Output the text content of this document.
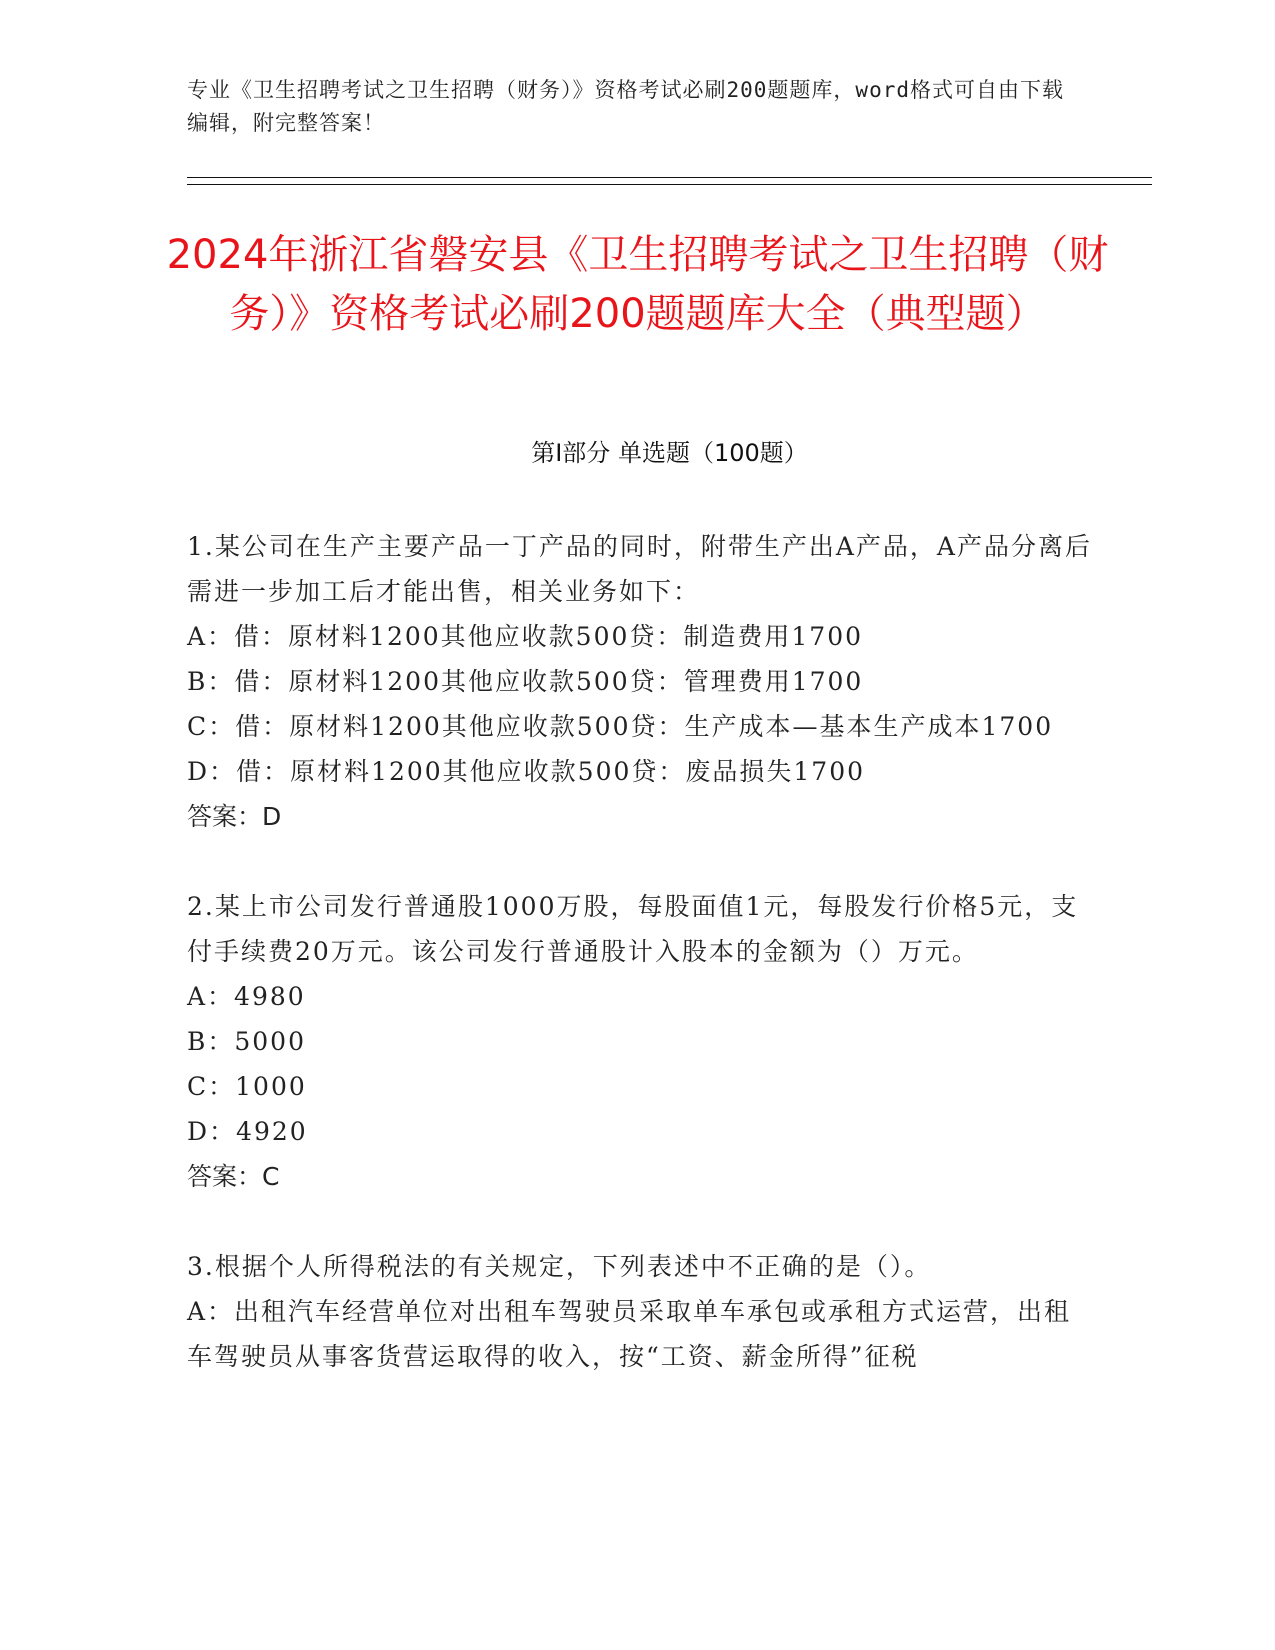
专业《卫生招聘考试之卫生招聘（财务）》资格考试必刷200题题库，word格式可自由下载编辑，附完整答案！
2024年浙江省磐安县《卫生招聘考试之卫生招聘（财务）》资格考试必刷200题题库大全（典型题）
第I部分 单选题（100题）

1.某公司在生产主要产品一丁产品的同时，附带生产出A产品，A产品分离后需进一步加工后才能出售，相关业务如下：

A：借：原材料1200其他应收款500贷：制造费用1700

B：借：原材料1200其他应收款500贷：管理费用1700

C：借：原材料1200其他应收款500贷：生产成本—基本生产成本1700

D：借：原材料1200其他应收款500贷：废品损失1700

答案：D

2.某上市公司发行普通股1000万股，每股面值1元，每股发行价格5元，支付手续费20万元。该公司发行普通股计入股本的金额为（）万元。

A：4980

B：5000

C：1000

D：4920

答案：C

3.根据个人所得税法的有关规定，下列表述中不正确的是（）。

A：出租汽车经营单位对出租车驾驶员采取单车承包或承租方式运营，出租车驾驶员从事客货营运取得的收入，按“工资、薪金所得”征税
